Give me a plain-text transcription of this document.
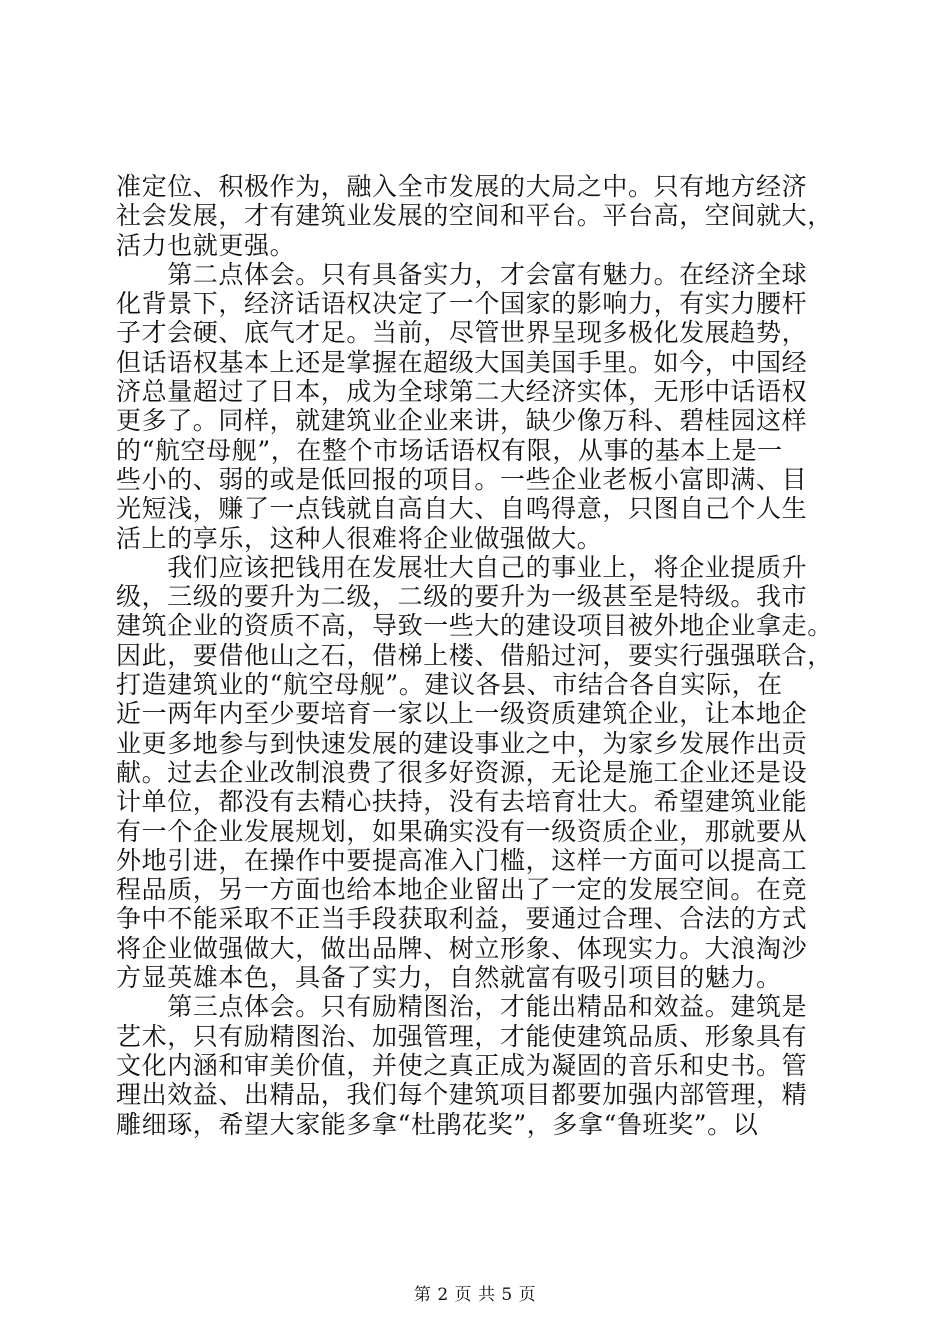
准定位、积极作为，融入全市发展的大局之中。只有地方经济
社会发展，才有建筑业发展的空间和平台。平台高，空间就大，
活力也就更强。
　　第二点体会。只有具备实力，才会富有魅力。在经济全球
化背景下，经济话语权决定了一个国家的影响力，有实力腰杆
子才会硬、底气才足。当前，尽管世界呈现多极化发展趋势，
但话语权基本上还是掌握在超级大国美国手里。如今，中国经
济总量超过了日本，成为全球第二大经济实体，无形中话语权
更多了。同样，就建筑业企业来讲，缺少像万科、碧桂园这样
的“航空母舰”，在整个市场话语权有限，从事的基本上是一
些小的、弱的或是低回报的项目。一些企业老板小富即满、目
光短浅，赚了一点钱就自高自大、自鸣得意，只图自己个人生
活上的享乐，这种人很难将企业做强做大。
　　我们应该把钱用在发展壮大自己的事业上，将企业提质升
级，三级的要升为二级，二级的要升为一级甚至是特级。我市
建筑企业的资质不高，导致一些大的建设项目被外地企业拿走。
因此，要借他山之石，借梯上楼、借船过河，要实行强强联合，
打造建筑业的“航空母舰”。建议各县、市结合各自实际，在
近一两年内至少要培育一家以上一级资质建筑企业，让本地企
业更多地参与到快速发展的建设事业之中，为家乡发展作出贡
献。过去企业改制浪费了很多好资源，无论是施工企业还是设
计单位，都没有去精心扶持，没有去培育壮大。希望建筑业能
有一个企业发展规划，如果确实没有一级资质企业，那就要从
外地引进，在操作中要提高准入门槛，这样一方面可以提高工
程品质，另一方面也给本地企业留出了一定的发展空间。在竞
争中不能采取不正当手段获取利益，要通过合理、合法的方式
将企业做强做大，做出品牌、树立形象、体现实力。大浪淘沙
方显英雄本色，具备了实力，自然就富有吸引项目的魅力。
　　第三点体会。只有励精图治，才能出精品和效益。建筑是
艺术，只有励精图治、加强管理，才能使建筑品质、形象具有
文化内涵和审美价值，并使之真正成为凝固的音乐和史书。管
理出效益、出精品，我们每个建筑项目都要加强内部管理，精
雕细琢，希望大家能多拿“杜鹃花奖”，多拿“鲁班奖”。以
第 2 页 共 5 页
